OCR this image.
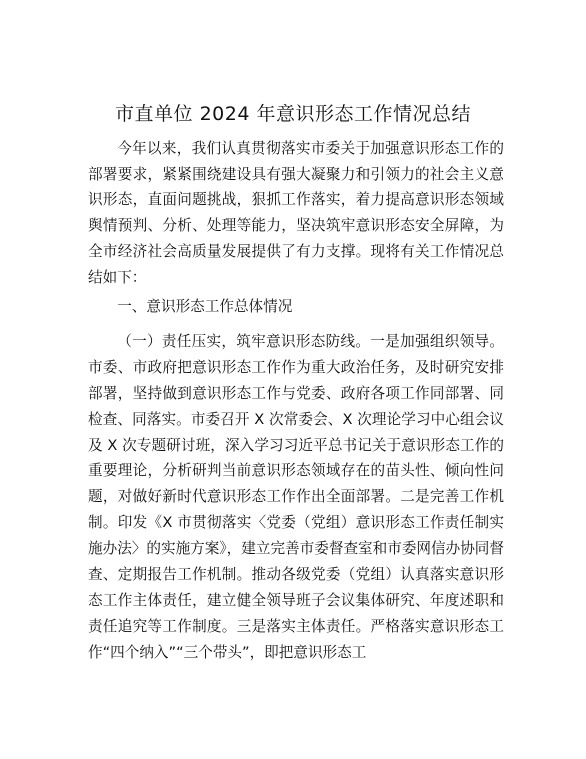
市直单位 2024 年意识形态工作情况总结

今年以来，我们认真贯彻落实市委关于加强意识形态工作的部署要求，紧紧围绕建设具有强大凝聚力和引领力的社会主义意识形态，直面问题挑战，狠抓工作落实，着力提高意识形态领域舆情预判、分析、处理等能力，坚决筑牢意识形态安全屏障，为全市经济社会高质量发展提供了有力支撑。现将有关工作情况总结如下：

一、意识形态工作总体情况

（一）责任压实，筑牢意识形态防线。一是加强组织领导。市委、市政府把意识形态工作作为重大政治任务，及时研究安排部署，坚持做到意识形态工作与党委、政府各项工作同部署、同检查、同落实。市委召开 X 次常委会、X 次理论学习中心组会议及 X 次专题研讨班，深入学习习近平总书记关于意识形态工作的重要理论，分析研判当前意识形态领域存在的苗头性、倾向性问题，对做好新时代意识形态工作作出全面部署。二是完善工作机制。印发《X 市贯彻落实〈党委（党组）意识形态工作责任制实施办法〉的实施方案》，建立完善市委督查室和市委网信办协同督查、定期报告工作机制。推动各级党委（党组）认真落实意识形态工作主体责任，建立健全领导班子会议集体研究、年度述职和责任追究等工作制度。三是落实主体责任。严格落实意识形态工作“四个纳入”“三个带头”，即把意识形态工
